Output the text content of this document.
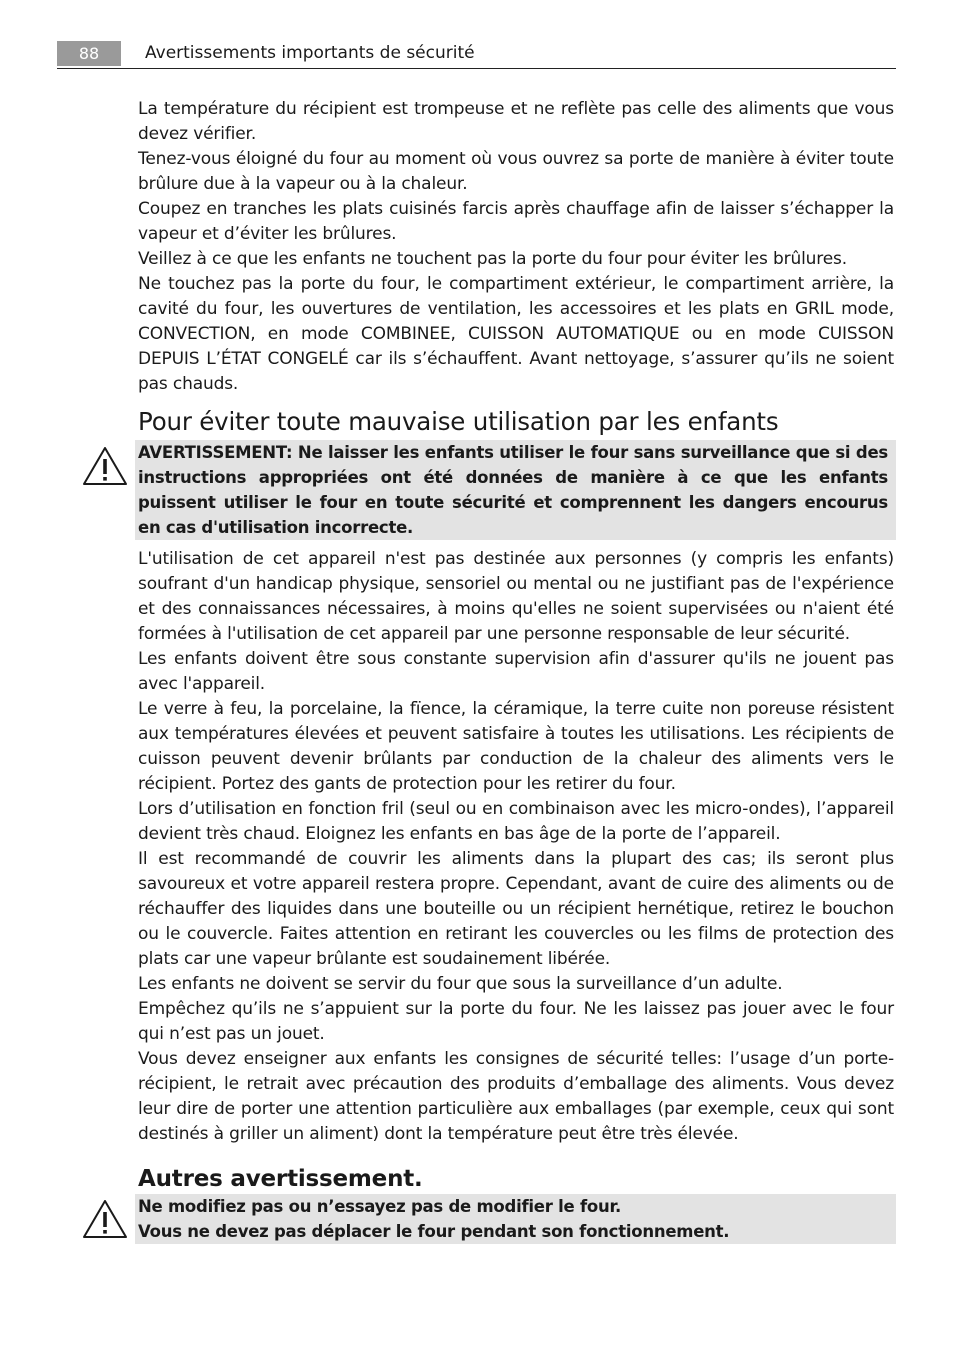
88	Avertissements importants de sécurité

La température du récipient est trompeuse et ne reflète pas celle des aliments que vous devez vérifier.

Tenez-vous éloigné du four au moment où vous ouvrez sa porte de manière à éviter toute brûlure due à la vapeur ou à la chaleur.

Coupez en tranches les plats cuisinés farcis après chauffage afin de laisser s’échapper la vapeur et d’éviter les brûlures.

Veillez à ce que les enfants ne touchent pas la porte du four pour éviter les brûlures.

Ne touchez pas la porte du four, le compartiment extérieur, le compartiment arrière, la cavité du four, les ouvertures de ventilation, les accessoires et les plats en GRIL mode, CONVECTION, en mode COMBINEE, CUISSON AUTOMATIQUE ou en mode CUISSON DEPUIS L’ÉTAT CONGELÉ car ils s’échauffent. Avant nettoyage, s’assurer qu’ils ne soient pas chauds.

Pour éviter toute mauvaise utilisation par les enfants

AVERTISSEMENT: Ne laisser les enfants utiliser le four sans surveillance que si des instructions appropriées ont été données de manière à ce que les enfants puissent utiliser le four en toute sécurité et comprennent les dangers encourus en cas d'utilisation incorrecte.

L'utilisation de cet appareil n'est pas destinée aux personnes (y compris les enfants) soufrant d'un handicap physique, sensoriel ou mental ou ne justifiant pas de l'expérience et des connaissances nécessaires, à moins qu'elles ne soient supervisées ou n'aient été formées à l'utilisation de cet appareil par une personne responsable de leur sécurité.

Les enfants doivent être sous constante supervision afin d'assurer qu'ils ne jouent pas avec l'appareil.

Le verre à feu, la porcelaine, la fïence, la céramique, la terre cuite non poreuse résistent aux températures élevées et peuvent satisfaire à toutes les utilisations. Les récipients de cuisson peuvent devenir brûlants par conduction de la chaleur des aliments vers le récipient. Portez des gants de protection pour les retirer du four.

Lors d’utilisation en fonction fril (seul ou en combinaison avec les micro-ondes), l’appareil devient très chaud. Eloignez les enfants en bas âge de la porte de l’appareil.

Il est recommandé de couvrir les aliments dans la plupart des cas; ils seront plus savoureux et votre appareil restera propre. Cependant, avant de cuire des aliments ou de réchauffer des liquides dans une bouteille ou un récipient hernétique, retirez le bouchon ou le couvercle. Faites attention en retirant les couvercles ou les films de protection des plats car une vapeur brûlante est soudainement libérée.

Les enfants ne doivent se servir du four que sous la surveillance d’un adulte.

Empêchez qu’ils ne s’appuient sur la porte du four. Ne les laissez pas jouer avec le four qui n’est pas un jouet.

Vous devez enseigner aux enfants les consignes de sécurité telles: l’usage d’un porte-récipient, le retrait avec précaution des produits d’emballage des aliments. Vous devez leur dire de porter une attention particulière aux emballages (par exemple, ceux qui sont destinés à griller un aliment) dont la température peut être très élevée.

Autres avertissement.

Ne modifiez pas ou n’essayez pas de modifier le four.

Vous ne devez pas déplacer le four pendant son fonctionnement.
